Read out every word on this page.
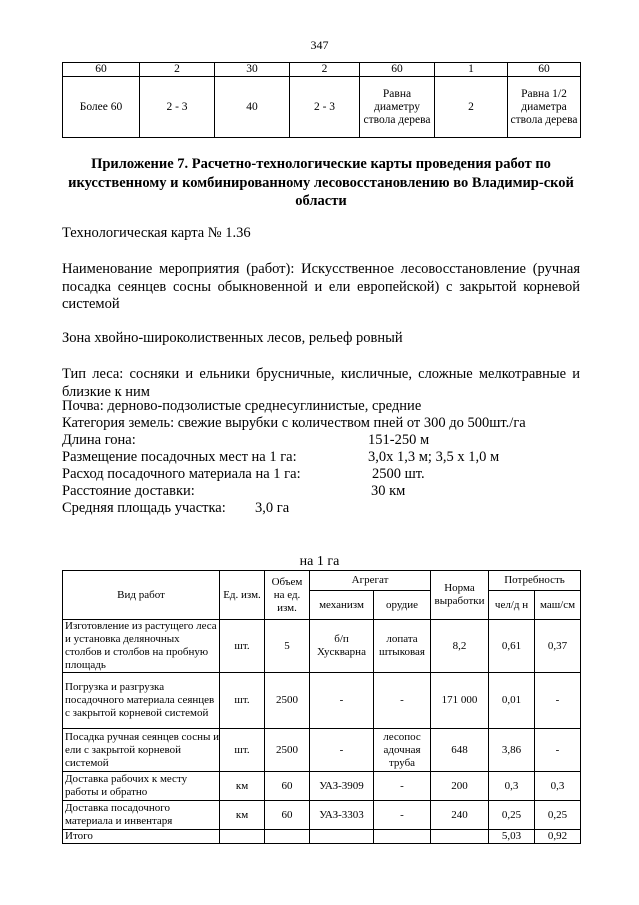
347
60	2	30	2	60	1	60
Более 60	2 - 3	40	2 - 3	Равна диаметру ствола дерева	2	Равна 1/2 диаметра ствола дерева
Приложение 7. Расчетно-технологические карты проведения работ по икусственному и комбинированному лесовосстановлению во Владимир-ской области
Технологическая карта № 1.36
Наименование мероприятия (работ): Искусственное лесовосстановление (ручная посадка сеянцев сосны обыкновенной и ели европейской) с закрытой корневой системой
Зона хвойно-широколиственных лесов, рельеф ровный
Тип леса: сосняки и ельники брусничные, кисличные, сложные мелкотравные и близкие к ним
Почва: дерново-подзолистые среднесуглинистые, средние
Категория земель: свежие вырубки с количеством пней от 300 до 500шт./га
Длина гона:	151-250 м
Размещение посадочных мест на 1 га:	3,0х 1,3 м; 3,5 х 1,0 м
Расход посадочного материала на 1 га:	2500 шт.
Расстояние доставки:	30 км
Средняя площадь участка: 3,0 га
на 1 га
Вид работ	Ед. изм.	Объем на ед. изм.	Агрегат		Норма выработки	Потребность	
			механизм	орудие		чел/д н	маш/см
Изготовление из растущего леса и установка деляночных столбов и столбов на пробную площадь	шт.	5	б/п Хускварна	лопата штыковая	8,2	0,61	0,37
Погрузка и разгрузка посадочного материала сеянцев с закрытой корневой системой	шт.	2500	-	-	171 000	0,01	-
Посадка ручная сеянцев сосны и ели с закрытой корневой системой	шт.	2500	-	лесопос адочная труба	648	3,86	-
Доставка рабочих к месту работы и обратно	км	60	УАЗ-3909	-	200	0,3	0,3
Доставка посадочного материала и инвентаря	км	60	УАЗ-3303	-	240	0,25	0,25
Итого						5,03	0,92
